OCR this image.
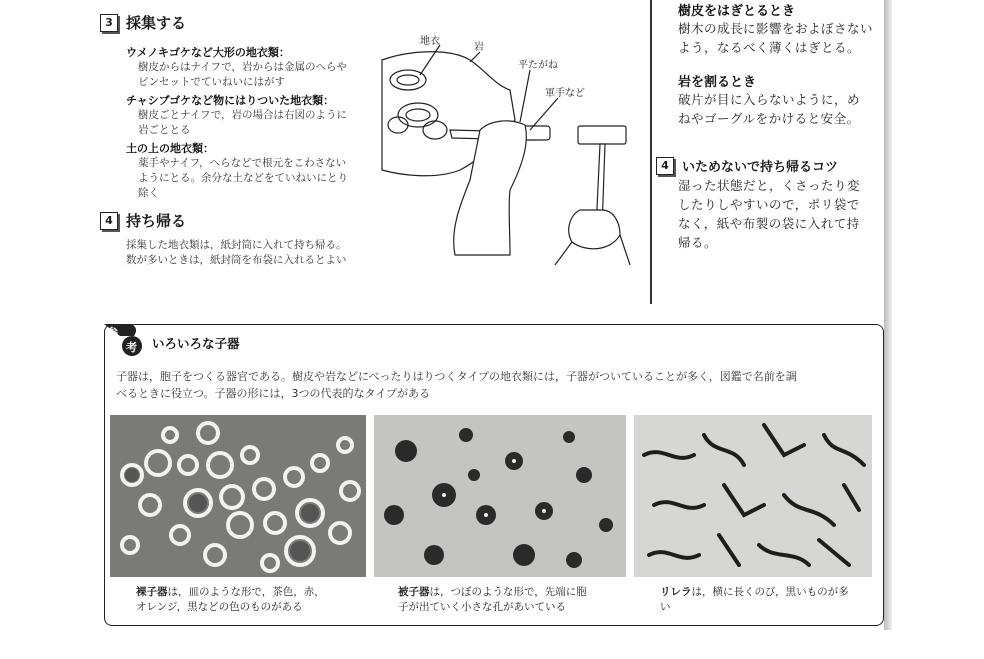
3 採集する
ウメノキゴケなど大形の地衣類：
樹皮からはナイフで，岩からは金属のへらや
ピンセットでていねいにはがす
チャシブゴケなど物にはりついた地衣類：
樹皮ごとナイフで，岩の場合は右図のように
岩ごととる
土の上の地衣類：
薬手やナイフ，へらなどで根元をこわさない
ようにとる。余分な土などをていねいにとり
除く
4 持ち帰る
採集した地衣類は，紙封筒に入れて持ち帰る。
数が多いときは，紙封筒を布袋に入れるとよい
地衣
岩
平たがね
軍手など
樹皮をはぎとるとき
樹木の成長に影響をおよぼさない
よう，なるべく薄くはぎとる。
岩を割るとき
破片が目に入らないように，め
ねやゴーグルをかけると安全。
4	いためないで持ち帰るコツ
湿った状態だと，くさったり変
したりしやすいので，ポリ袋で
なく，紙や布製の袋に入れて持
帰る。
参
考 いろいろな子器
子器は，胞子をつくる器官である。樹皮や岩などにべったりはりつくタイプの地衣類には，子器がついていることが多く，図鑑で名前を調
べるときに役立つ。子器の形には，3つの代表的なタイプがある
裸子器は，皿のような形で，茶色，赤，
オレンジ，黒などの色のものがある
被子器は，つぼのような形で，先端に胞
子が出ていく小さな孔があいている
リレラは，横に長くのび，黒いものが多
い
